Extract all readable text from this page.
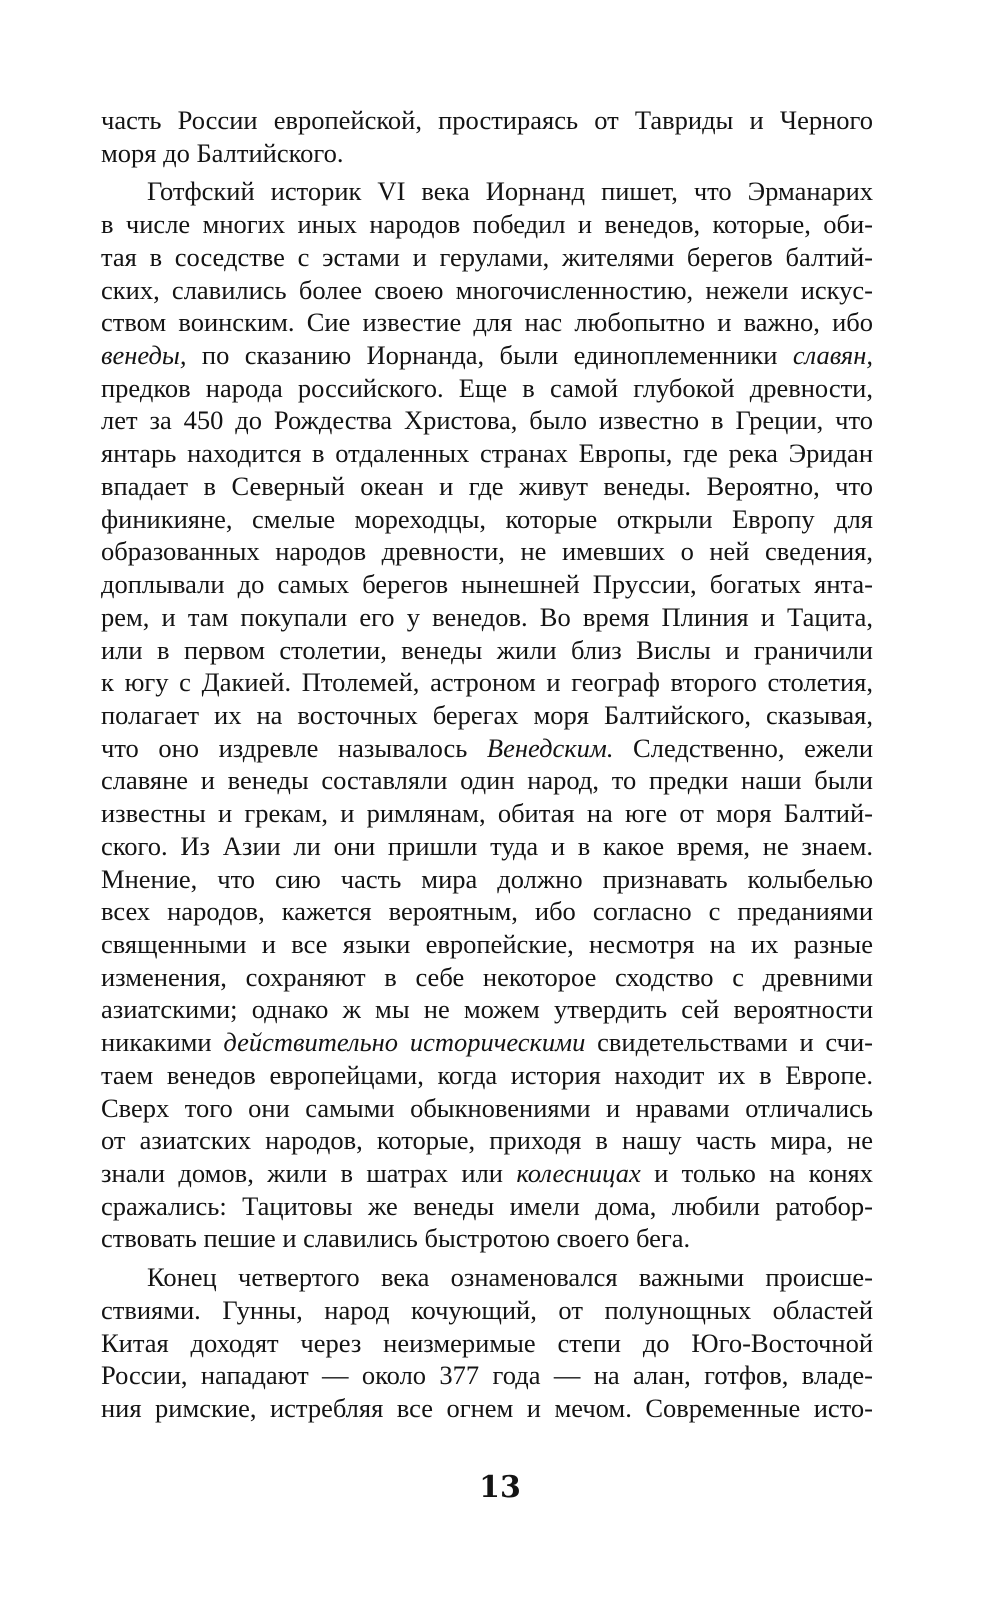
часть России европейской, простираясь от Тавриды и Черного
моря до Балтийского.
Готфский историк VI века Иорнанд пишет, что Эрманарих
в числе многих иных народов победил и венедов, которые, оби-
тая в соседстве с эстами и герулами, жителями берегов балтий-
ских, славились более своею многочисленностию, нежели искус-
ством воинским. Сие известие для нас любопытно и важно, ибо
венеды, по сказанию Иорнанда, были единоплеменники славян,
предков народа российского. Еще в самой глубокой древности,
лет за 450 до Рождества Христова, было известно в Греции, что
янтарь находится в отдаленных странах Европы, где река Эридан
впадает в Северный океан и где живут венеды. Вероятно, что
финикияне, смелые мореходцы, которые открыли Европу для
образованных народов древности, не имевших о ней сведения,
доплывали до самых берегов нынешней Пруссии, богатых янта-
рем, и там покупали его у венедов. Во время Плиния и Тацита,
или в первом столетии, венеды жили близ Вислы и граничили
к югу с Дакией. Птолемей, астроном и географ второго столетия,
полагает их на восточных берегах моря Балтийского, сказывая,
что оно издревле называлось Венедским. Следственно, ежели
славяне и венеды составляли один народ, то предки наши были
известны и грекам, и римлянам, обитая на юге от моря Балтий-
ского. Из Азии ли они пришли туда и в какое время, не знаем.
Мнение, что сию часть мира должно признавать колыбелью
всех народов, кажется вероятным, ибо согласно с преданиями
священными и все языки европейские, несмотря на их разные
изменения, сохраняют в себе некоторое сходство с древними
азиатскими; однако ж мы не можем утвердить сей вероятности
никакими действительно историческими свидетельствами и счи-
таем венедов европейцами, когда история находит их в Европе.
Сверх того они самыми обыкновениями и нравами отличались
от азиатских народов, которые, приходя в нашу часть мира, не
знали домов, жили в шатрах или колесницах и только на конях
сражались: Тацитовы же венеды имели дома, любили ратобор-
ствовать пешие и славились быстротою своего бега.
Конец четвертого века ознаменовался важными происше-
ствиями. Гунны, народ кочующий, от полунощных областей
Китая доходят через неизмеримые степи до Юго-Восточной
России, нападают — около 377 года — на алан, готфов, владе-
ния римские, истребляя все огнем и мечом. Современные исто-
13
